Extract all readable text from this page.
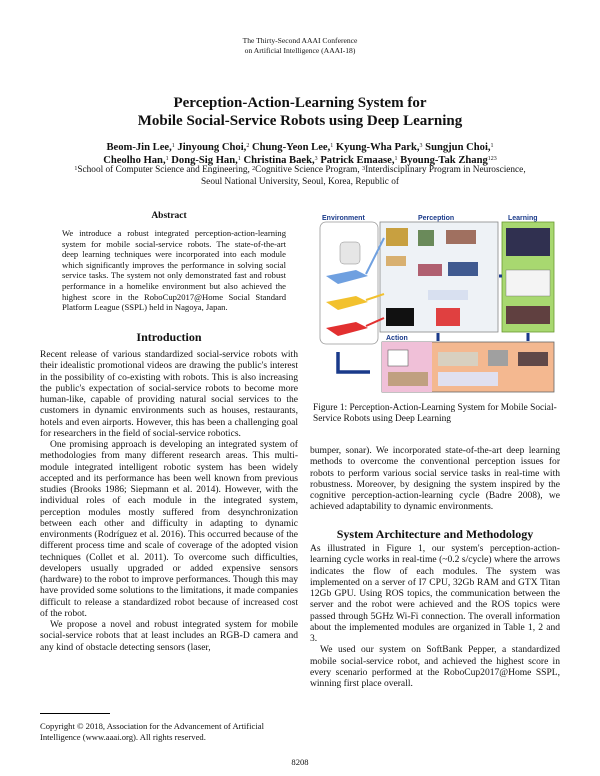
The Thirty-Second AAAI Conference
on Artificial Intelligence (AAAI-18)
Perception-Action-Learning System for
Mobile Social-Service Robots using Deep Learning
Beom-Jin Lee,$^1$ Jinyoung Choi,$^2$ Chung-Yeon Lee,$^1$ Kyung-Wha Park,$^3$ Sungjun Choi,$^1$
Cheolho Han,$^1$ Dong-Sig Han,$^1$ Christina Baek,$^3$ Patrick Emaase,$^1$ Byoung-Tak Zhang$^{123}$
$^1$School of Computer Science and Engineering, $^2$Cognitive Science Program, $^3$Interdisciplinary Program in Neuroscience,
Seoul National University, Seoul, Korea, Republic of
Abstract
We introduce a robust integrated perception-action-learning system for mobile social-service robots. The state-of-the-art deep learning techniques were incorporated into each module which significantly improves the performance in solving social service tasks. The system not only demonstrated fast and robust performance in a homelike environment but also achieved the highest score in the RoboCup2017@Home Social Standard Platform League (SSPL) held in Nagoya, Japan.
Introduction

Recent release of various standardized social-service robots with their idealistic promotional videos are drawing the public's interest in the possibility of co-existing with robots. This is also increasing the public's expectation of social-service robots to become more human-like, capable of providing natural social services to the customers in dynamic environments such as houses, restaurants, hotels and even airports. However, this has been a challenging goal for researchers in the field of social-service robotics.

One promising approach is developing an integrated system of methodologies from many different research areas. This multi-module integrated intelligent robotic system has been widely accepted and its performance has been well known from previous studies (Brooks 1986; Siepmann et al. 2014). However, with the individual roles of each module in the integrated system, perception modules mostly suffered from desynchronization between each other and difficulty in adapting to dynamic environments (Rodríguez et al. 2016). This occurred because of the different process time and scale of coverage of the adopted vision techniques (Collet et al. 2011). To overcome such difficulties, developers usually upgraded or added expensive sensors (hardware) to the robot to improve performances. Though this may have provided some solutions to the limitations, it made companies difficult to release a standardized robot because of increased cost of the robot.

We propose a novel and robust integrated system for mobile social-service robots that at least includes an RGB-D camera and any kind of obstacle detecting sensors (laser,

Copyright © 2018, Association for the Advancement of Artificial Intelligence (www.aaai.org). All rights reserved.
Environment	Perception	Learning
Action
Figure 1: Perception-Action-Learning System for Mobile Social-Service Robots using Deep Learning

bumper, sonar). We incorporated state-of-the-art deep learning methods to overcome the conventional perception issues for robots to perform various social service tasks in real-time with robustness. Moreover, by designing the system inspired by the cognitive perception-action-learning cycle (Badre 2008), we achieved adaptability to dynamic environments.

System Architecture and Methodology

As illustrated in Figure 1, our system's perception-action-learning cycle works in real-time (~0.2 s/cycle) where the arrows indicates the flow of each modules. The system was implemented on a server of I7 CPU, 32Gb RAM and GTX Titan 12Gb GPU. Using ROS topics, the communication between the server and the robot were achieved and the ROS topics were passed through 5GHz Wi-Fi connection. The overall information about the implemented modules are organized in Table 1, 2 and 3.

We used our system on SoftBank Pepper, a standardized mobile social-service robot, and achieved the highest score in every scenario performed at the RoboCup2017@Home SSPL, winning first place overall.

8208
